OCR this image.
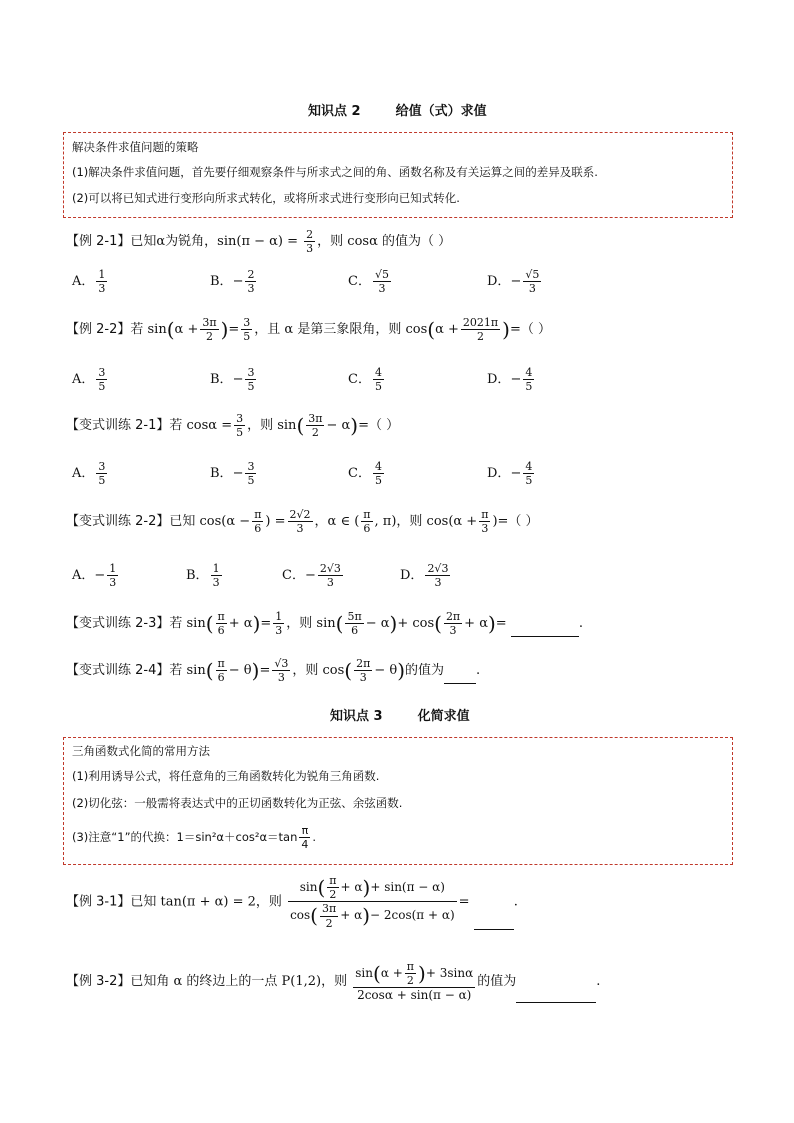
知识点 2	给值（式）求值
解决条件求值问题的策略
(1)解决条件求值问题，首先要仔细观察条件与所求式之间的角、函数名称及有关运算之间的差异及联系.
(2)可以将已知式进行变形向所求式转化，或将所求式进行变形向已知式转化.
【例 2-1】已知α为锐角，$\sin(\pi - \alpha) = \frac{2}{3}$ ，则 cosα 的值为（ ）
A． $\frac{1}{3}$	B．− $\frac{2}{3}$	C． $\frac{√5}{3}$	D．− $\frac{√5}{3}$
【例 2-2】若 $\sin(\alpha + \frac{3\pi}{2}$ )= $\frac{3}{5}$ ，且 α 是第三象限角，则 $\cos(\alpha + \frac{2021\pi}{2}$ )=（ ）
A． $\frac{3}{5}$	B．− $\frac{3}{5}$	C． $\frac{4}{5}$	D．− $\frac{4}{5}$
【变式训练 2-1】若 $\cos\alpha = \frac{3}{5}$ ，则 $\sin( \frac{3\pi}{2} - \alpha)=$（ ）
A． $\frac{3}{5}$	B．− $\frac{3}{5}$	C． $\frac{4}{5}$	D．− $\frac{4}{5}$
【变式训练 2-2】已知 $\cos(\alpha - \frac{\pi}{6}$ ) = $\frac{2√2}{3}$ ，α ∈ ( $\frac{\pi}{6}$ , π)，则 $\cos(\alpha + \frac{\pi}{3}$ )=（ ）
A．− $\frac{1}{3}$	B． $\frac{1}{3}$	C．− $\frac{2√3}{3}$	D． $\frac{2√3}{3}$
【变式训练 2-3】若 $\sin( \frac{\pi}{6} + \alpha)= \frac{1}{3}$ ，则 $\sin( \frac{5\pi}{6} - \alpha)+ \cos( \frac{2\pi}{3} + \alpha)=$	.
【变式训练 2-4】若 $\sin( \frac{\pi}{6} - \theta)= \frac{√3}{3}$ ，则 $\cos( \frac{2\pi}{3} - \theta)$的值为 .
知识点 3	化简求值
三角函数式化简的常用方法
(1)利用诱导公式，将任意角的三角函数转化为锐角三角函数.
(2)切化弦：一般需将表达式中的正切函数转化为正弦、余弦函数.
(3)注意“1”的代换：$1=\sin^2\alpha+\cos^2\alpha=\tan \frac{\pi}{4}$ .
【例 3-1】已知 tan(π + α) = 2，则 $\frac{\sin( \frac{\pi}{2} + \alpha)+ \sin(\pi - \alpha)}{\cos( \frac{3\pi}{2} + \alpha)- 2\cos(\pi + \alpha)}$ =	.
【例 3-2】已知角 α 的终边上的一点 P(1,2)，则 $\frac{\sin(\alpha + \frac{\pi}{2} )+ 3\sin\alpha}{2\cos\alpha + \sin(\pi - \alpha)}$ 的值为	.
